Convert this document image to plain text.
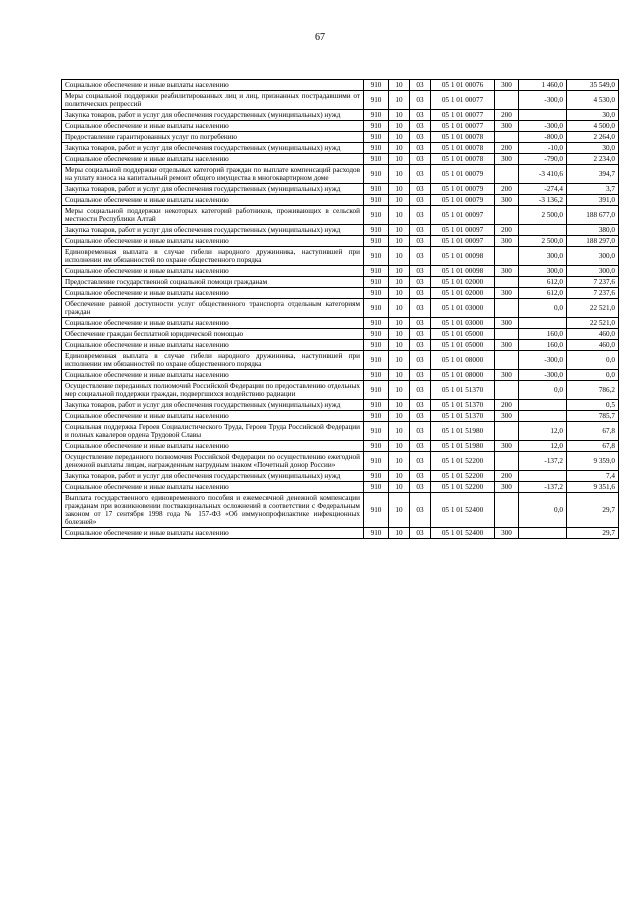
67
Социальное обеспечение и иные выплаты населению	910	10	03	05 1 01 00076	300	1 460,0	35 549,0
Меры социальной поддержки реабилитированных лиц и лиц, признанных пострадавшими от политических репрессий	910	10	03	05 1 01 00077		-300,0	4 530,0
Закупка товаров, работ и услуг для обеспечения государственных (муниципальных) нужд	910	10	03	05 1 01 00077	200		30,0
Социальное обеспечение и иные выплаты населению	910	10	03	05 1 01 00077	300	-300,0	4 500,0
Предоставление гарантированных услуг по погребению	910	10	03	05 1 01 00078		-800,0	2 264,0
Закупка товаров, работ и услуг для обеспечения государственных (муниципальных) нужд	910	10	03	05 1 01 00078	200	-10,0	30,0
Социальное обеспечение и иные выплаты населению	910	10	03	05 1 01 00078	300	-790,0	2 234,0
Меры социальной поддержки отдельных категорий граждан по выплате компенсаций расходов на уплату взноса на капитальный ремонт общего имущества в многоквартирном доме	910	10	03	05 1 01 00079		-3 410,6	394,7
Закупка товаров, работ и услуг для обеспечения государственных (муниципальных) нужд	910	10	03	05 1 01 00079	200	-274,4	3,7
Социальное обеспечение и иные выплаты населению	910	10	03	05 1 01 00079	300	-3 136,2	391,0
Меры социальной поддержки некоторых категорий работников, проживающих в сельской местности Республики Алтай	910	10	03	05 1 01 00097		2 500,0	188 677,0
Закупка товаров, работ и услуг для обеспечения государственных (муниципальных) нужд	910	10	03	05 1 01 00097	200		380,0
Социальное обеспечение и иные выплаты населению	910	10	03	05 1 01 00097	300	2 500,0	188 297,0
Единовременная выплата в случае гибели народного дружинника, наступившей при исполнении им обязанностей по охране общественного порядка	910	10	03	05 1 01 00098		300,0	300,0
Социальное обеспечение и иные выплаты населению	910	10	03	05 1 01 00098	300	300,0	300,0
Предоставление государственной социальной помощи гражданам	910	10	03	05 1 01 02000		612,0	7 237,6
Социальное обеспечение и иные выплаты населению	910	10	03	05 1 01 02000	300	612,0	7 237,6
Обеспечение равной доступности услуг общественного транспорта отдельным категориям граждан	910	10	03	05 1 01 03000		0,0	22 521,0
Социальное обеспечение и иные выплаты населению	910	10	03	05 1 01 03000	300		22 521,0
Обеспечение граждан бесплатной юридической помощью	910	10	03	05 1 01 05000		160,0	460,0
Социальное обеспечение и иные выплаты населению	910	10	03	05 1 01 05000	300	160,0	460,0
Единовременная выплата в случае гибели народного дружинника, наступившей при исполнении им обязанностей по охране общественного порядка	910	10	03	05 1 01 08000		-300,0	0,0
Социальное обеспечение и иные выплаты населению	910	10	03	05 1 01 08000	300	-300,0	0,0
Осуществление переданных полномочий Российской Федерации по предоставлению отдельных мер социальной поддержки граждан, подвергшихся воздействию радиации	910	10	03	05 1 01 51370		0,0	786,2
Закупка товаров, работ и услуг для обеспечения государственных (муниципальных) нужд	910	10	03	05 1 01 51370	200		0,5
Социальное обеспечение и иные выплаты населению	910	10	03	05 1 01 51370	300		785,7
Социальная поддержка Героев Социалистического Труда, Героев Труда Российской Федерации и полных кавалеров ордена Трудовой Славы	910	10	03	05 1 01 51980		12,0	67,8
Социальное обеспечение и иные выплаты населению	910	10	03	05 1 01 51980	300	12,0	67,8
Осуществление переданного полномочия Российской Федерации по осуществлению ежегодной денежной выплаты лицам, награжденным нагрудным знаком «Почетный донор России»	910	10	03	05 1 01 52200		-137,2	9 359,0
Закупка товаров, работ и услуг для обеспечения государственных (муниципальных) нужд	910	10	03	05 1 01 52200	200		7,4
Социальное обеспечение и иные выплаты населению	910	10	03	05 1 01 52200	300	-137,2	9 351,6
Выплата государственного единовременного пособия и ежемесячной денежной компенсации гражданам при возникновении поствакцинальных осложнений в соответствии с Федеральным законом от 17 сентября 1998 года № 157-ФЗ «Об иммунопрофилактике инфекционных болезней»	910	10	03	05 1 01 52400		0,0	29,7
Социальное обеспечение и иные выплаты населению	910	10	03	05 1 01 52400	300		29,7
